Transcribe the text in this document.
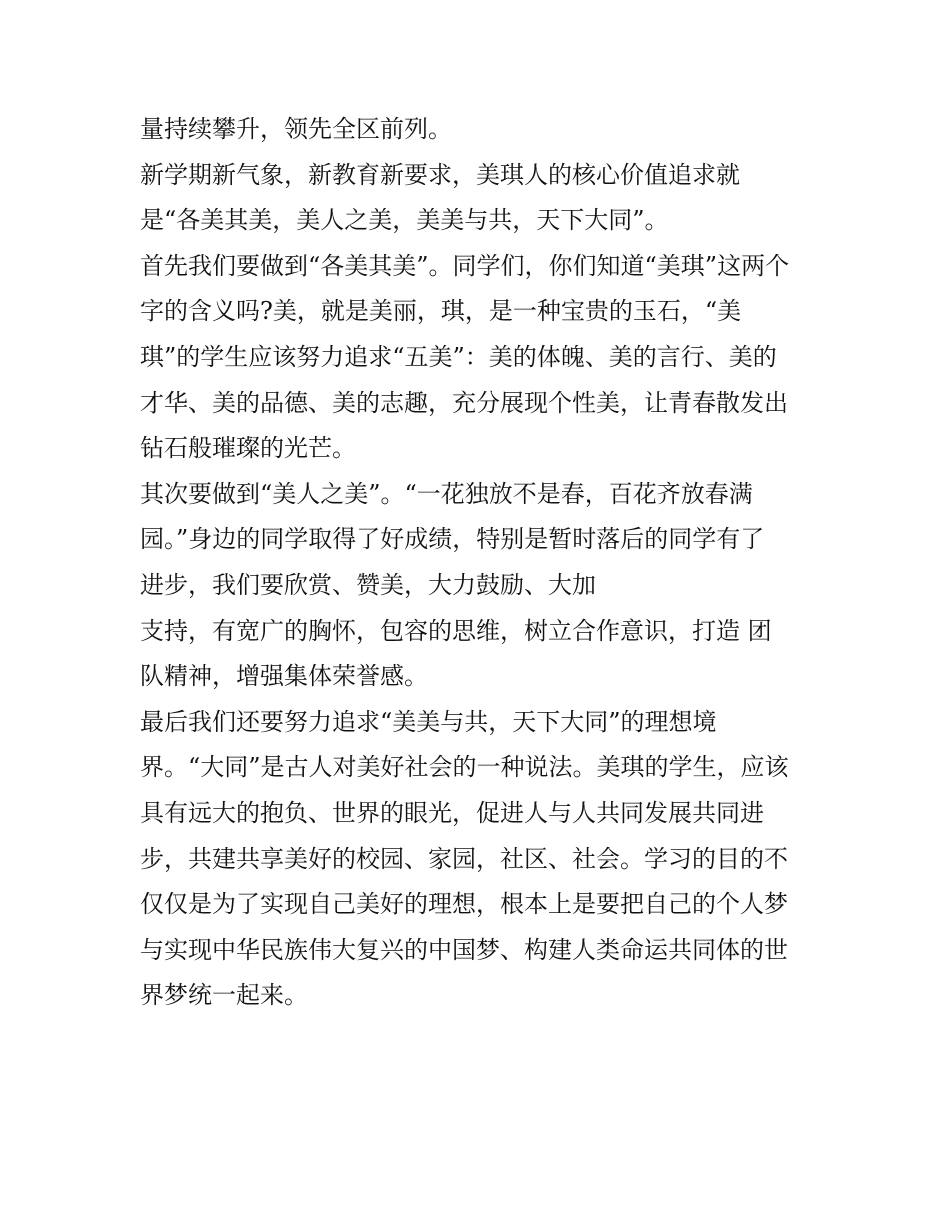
量持续攀升，领先全区前列。
新学期新气象，新教育新要求，美琪人的核心价值追求就
是“各美其美，美人之美，美美与共，天下大同”。
首先我们要做到“各美其美”。同学们，你们知道“美琪”这两个
字的含义吗?美，就是美丽，琪，是一种宝贵的玉石，“美
琪”的学生应该努力追求“五美”：美的体魄、美的言行、美的
才华、美的品德、美的志趣，充分展现个性美，让青春散发出
钻石般璀璨的光芒。
其次要做到“美人之美”。“一花独放不是春，百花齐放春满
园。”身边的同学取得了好成绩，特别是暂时落后的同学有了
进步，我们要欣赏、赞美，大力鼓励、大加
支持，有宽广的胸怀，包容的思维，树立合作意识，打造 团
队精神，增强集体荣誉感。
最后我们还要努力追求“美美与共，天下大同”的理想境
界。“大同”是古人对美好社会的一种说法。美琪的学生，应该
具有远大的抱负、世界的眼光，促进人与人共同发展共同进
步，共建共享美好的校园、家园，社区、社会。学习的目的不
仅仅是为了实现自己美好的理想，根本上是要把自己的个人梦
与实现中华民族伟大复兴的中国梦、构建人类命运共同体的世
界梦统一起来。
